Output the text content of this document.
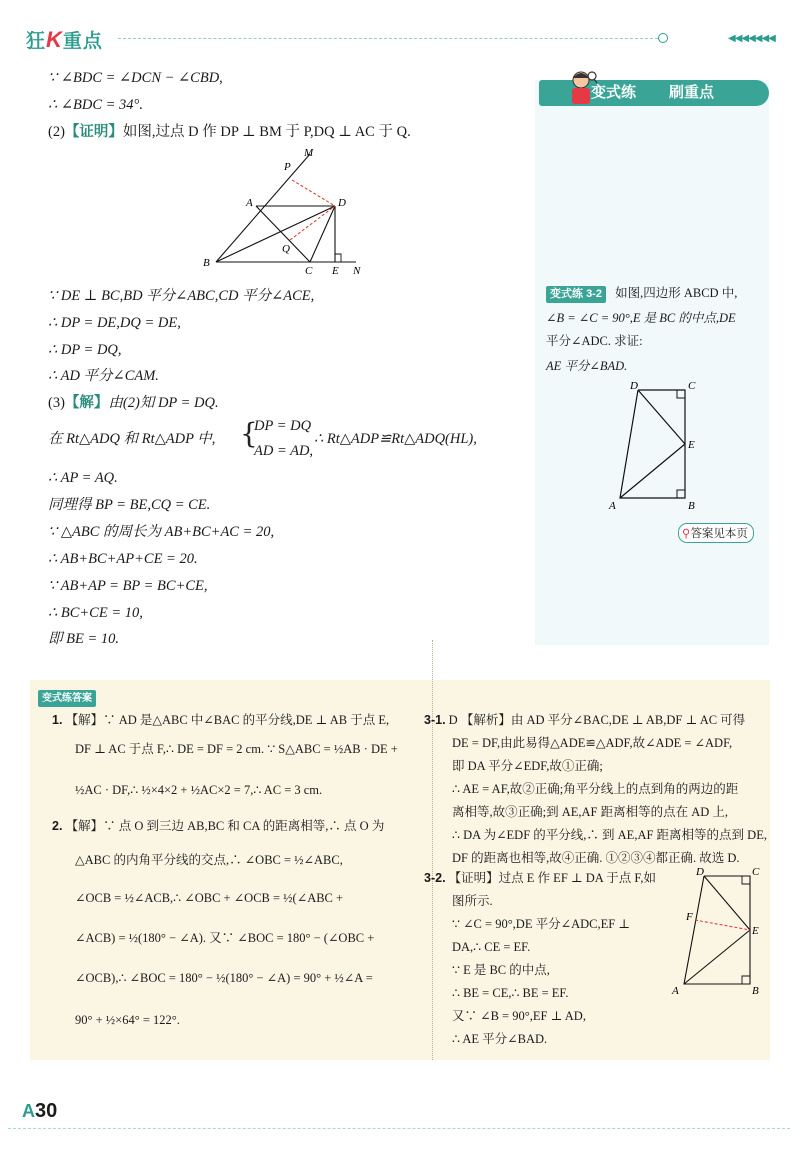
狂K重点	◀◀◀◀◀◀◀
变式练 刷重点
变式练 3-2 如图,四边形 ABCD 中,
∠B = ∠C = 90°,E 是 BC 的中点,DE
平分∠ADC. 求证:
AE 平分∠BAD.
D	C
E
A	B
⚲答案见本页
∵ ∠BDC = ∠DCN − ∠CBD,
∴ ∠BDC = 34°.
(2)【证明】如图,过点 D 作 DP ⊥ BM 于 P,DQ ⊥ AC 于 Q.
M
P
A	D
Q
B
C E N
∵ DE ⊥ BC,BD 平分∠ABC,CD 平分∠ACE,
∴ DP = DE,DQ = DE,
∴ DP = DQ,
∴ AD 平分∠CAM.
(3)【解】由(2)知 DP = DQ.
在 Rt△ADQ 和 Rt△ADP 中, {
DP = DQ
AD = AD,
∴ Rt△ADP≌Rt△ADQ(HL),
∴ AP = AQ.
同理得 BP = BE,CQ = CE.
∵ △ABC 的周长为 AB+BC+AC = 20,
∴ AB+BC+AP+CE = 20.
∵ AB+AP = BP = BC+CE,
∴ BC+CE = 10,
即 BE = 10.
变式练答案
1. 【解】∵ AD 是△ABC 中∠BAC 的平分线,DE ⊥ AB 于点 E,
DF ⊥ AC 于点 F,∴ DE = DF = 2 cm. ∵ S△ABC = ½AB · DE +
½AC · DF,∴ ½×4×2 + ½AC×2 = 7,∴ AC = 3 cm.
2. 【解】∵ 点 O 到三边 AB,BC 和 CA 的距离相等,∴ 点 O 为
△ABC 的内角平分线的交点,∴ ∠OBC = ½∠ABC,
∠OCB = ½∠ACB,∴ ∠OBC + ∠OCB = ½(∠ABC +
∠ACB) = ½(180° − ∠A). 又∵ ∠BOC = 180° − (∠OBC +
∠OCB),∴ ∠BOC = 180° − ½(180° − ∠A) = 90° + ½∠A =
90° + ½×64° = 122°.
3-1. D 【解析】由 AD 平分∠BAC,DE ⊥ AB,DF ⊥ AC 可得
DE = DF,由此易得△ADE≌△ADF,故∠ADE = ∠ADF,
即 DA 平分∠EDF,故①正确;
∴ AE = AF,故②正确;角平分线上的点到角的两边的距
离相等,故③正确;到 AE,AF 距离相等的点在 AD 上,
∴ DA 为∠EDF 的平分线,∴ 到 AE,AF 距离相等的点到 DE,
DF 的距离也相等,故④正确. ①②③④都正确. 故选 D.
3-2. 【证明】过点 E 作 EF ⊥ DA 于点 F,如
图所示.
∵ ∠C = 90°,DE 平分∠ADC,EF ⊥
DA,∴ CE = EF.
∵ E 是 BC 的中点,
∴ BE = CE,∴ BE = EF.
又∵ ∠B = 90°,EF ⊥ AD,
∴ AE 平分∠BAD.
D	C
F
E
A	B
A30
